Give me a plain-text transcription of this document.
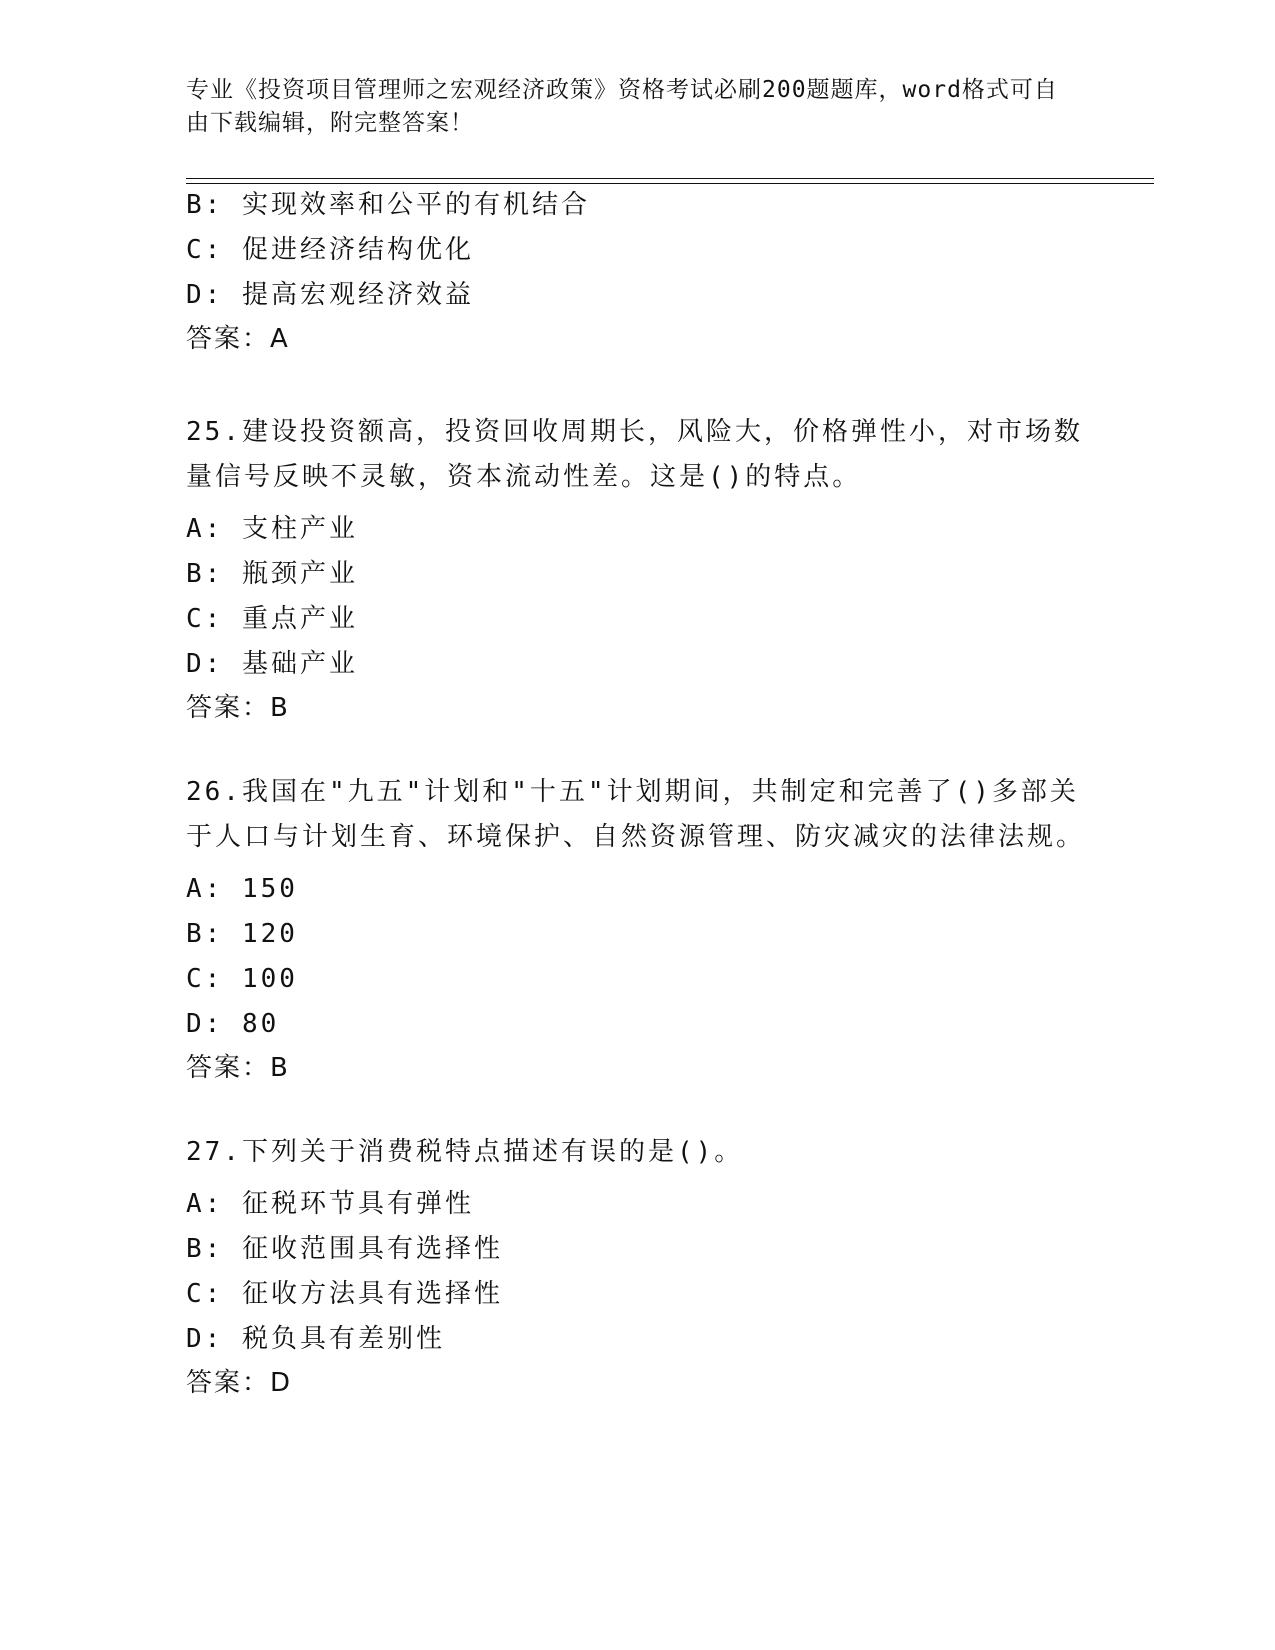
专业《投资项目管理师之宏观经济政策》资格考试必刷200题题库，word格式可自由下载编辑，附完整答案！
B: 实现效率和公平的有机结合
C: 促进经济结构优化
D: 提高宏观经济效益
答案：A
25.建设投资额高，投资回收周期长，风险大，价格弹性小，对市场数量信号反映不灵敏，资本流动性差。这是()的特点。
A: 支柱产业
B: 瓶颈产业
C: 重点产业
D: 基础产业
答案：B
26.我国在"九五"计划和"十五"计划期间，共制定和完善了()多部关于人口与计划生育、环境保护、自然资源管理、防灾减灾的法律法规。
A: 150
B: 120
C: 100
D: 80
答案：B
27.下列关于消费税特点描述有误的是()。
A: 征税环节具有弹性
B: 征收范围具有选择性
C: 征收方法具有选择性
D: 税负具有差别性
答案：D
